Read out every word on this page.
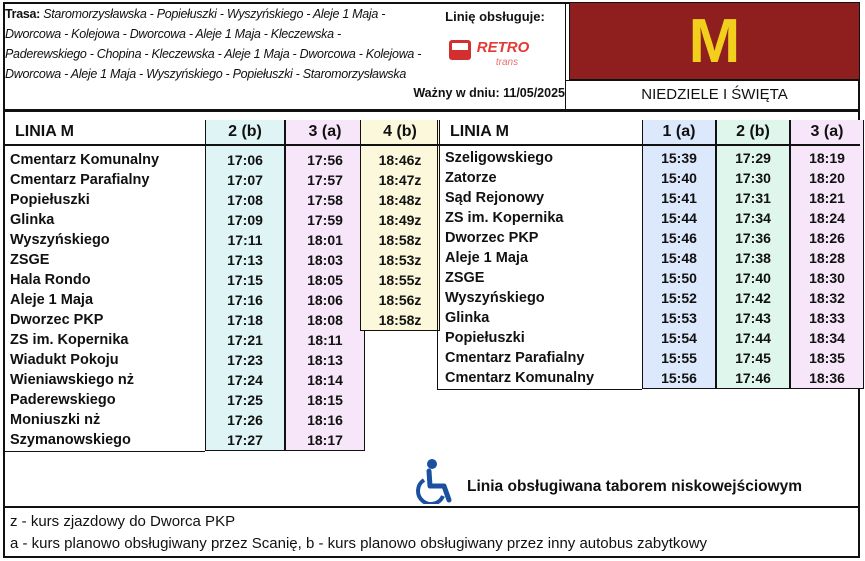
Trasa: Staromorzysławska - Popiełuszki - Wyszyńskiego - Aleje 1 Maja - Dworcowa - Kolejowa - Dworcowa - Aleje 1 Maja - Kleczewska - Paderewskiego - Chopina - Kleczewska - Aleje 1 Maja - Dworcowa - Kolejowa - Dworcowa - Aleje 1 Maja - Wyszyńskiego - Popiełuszki - Staromorzysławska
Linię obsługuje:
RETRO
trans
Ważny w dniu: 11/05/2025
M
NIEDZIELE I ŚWIĘTA
LINIA M
Cmentarz Komunalny
Cmentarz Parafialny
Popiełuszki
Glinka
Wyszyńskiego
ZSGE
Hala Rondo
Aleje 1 Maja
Dworzec PKP
ZS im. Kopernika
Wiadukt Pokoju
Wieniawskiego nż
Paderewskiego
Moniuszki nż
Szymanowskiego
2 (b)
17:06
17:07
17:08
17:09
17:11
17:13
17:15
17:16
17:18
17:21
17:23
17:24
17:25
17:26
17:27
3 (a)
17:56
17:57
17:58
17:59
18:01
18:03
18:05
18:06
18:08
18:11
18:13
18:14
18:15
18:16
18:17
4 (b)
18:46z
18:47z
18:48z
18:49z
18:58z
18:53z
18:55z
18:56z
18:58z
LINIA M
Szeligowskiego
Zatorze
Sąd Rejonowy
ZS im. Kopernika
Dworzec PKP
Aleje 1 Maja
ZSGE
Wyszyńskiego
Glinka
Popiełuszki
Cmentarz Parafialny
Cmentarz Komunalny
1 (a)
15:39
15:40
15:41
15:44
15:46
15:48
15:50
15:52
15:53
15:54
15:55
15:56
2 (b)
17:29
17:30
17:31
17:34
17:36
17:38
17:40
17:42
17:43
17:44
17:45
17:46
3 (a)
18:19
18:20
18:21
18:24
18:26
18:28
18:30
18:32
18:33
18:34
18:35
18:36
Linia obsługiwana taborem niskowejściowym
z - kurs zjazdowy do Dworca PKP
a - kurs planowo obsługiwany przez Scanię, b - kurs planowo obsługiwany przez inny autobus zabytkowy
